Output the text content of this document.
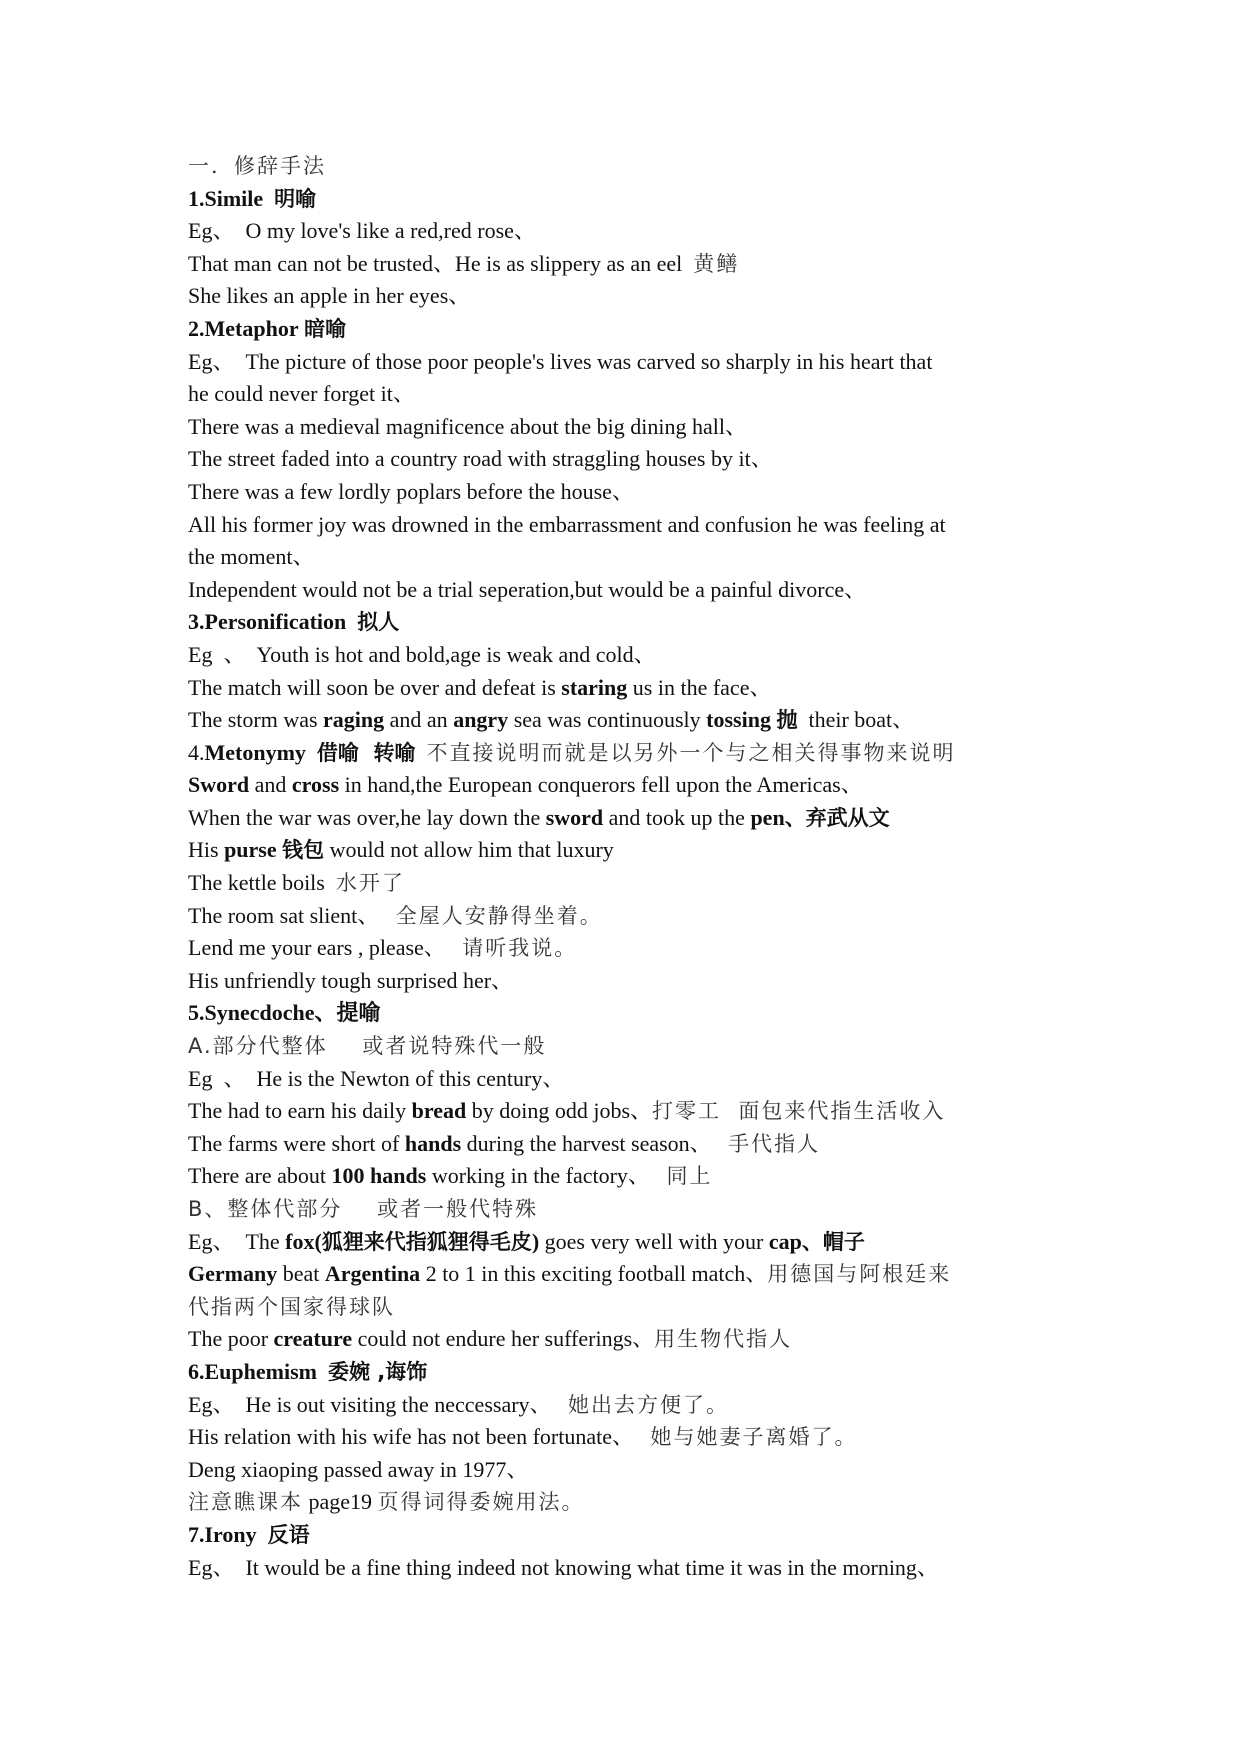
一．修辞手法
1.Simile 明喻
Eg、  O my love's like a red,red rose、
That man can not be trusted、He is as slippery as an eel 黄鳝
She likes an apple in her eyes、
2.Metaphor 暗喻
Eg、  The picture of those poor people's lives was carved so sharply in his heart that
he could never forget it、
There was a medieval magnificence about the big dining hall、
The street faded into a country road with straggling houses by it、
There was a few lordly poplars before the house、
All his former joy was drowned in the embarrassment and confusion he was feeling at
the moment、
Independent would not be a trial seperation,but would be a painful divorce、
3.Personification 拟人
Eg  、  Youth is hot and bold,age is weak and cold、
The match will soon be over and defeat is staring us in the face、
The storm was raging and an angry sea was continuously tossing 抛  their boat、
4.Metonymy 借喻  转喻 不直接说明而就是以另外一个与之相关得事物来说明
Sword and cross in hand,the European conquerors fell upon the Americas、
When the war was over,he lay down the sword and took up the pen、弃武从文
His purse 钱包 would not allow him that luxury
The kettle boils 水开了
The room sat slient、 全屋人安静得坐着。
Lend me your ears , please、 请听我说。
His unfriendly tough surprised her、
5.Synecdoche、提喻
A.部分代整体    或者说特殊代一般
Eg  、  He is the Newton of this century、
The had to earn his daily bread by doing odd jobs、打零工  面包来代指生活收入
The farms were short of hands during the harvest season、 手代指人
There are about 100 hands working in the factory、 同上
B、整体代部分    或者一般代特殊
Eg、  The fox(狐狸来代指狐狸得毛皮) goes very well with your cap、帽子
Germany beat Argentina 2 to 1 in this exciting football match、用德国与阿根廷来
代指两个国家得球队
The poor creature could not endure her sufferings、用生物代指人
6.Euphemism 委婉 ,诲饰
Eg、  He is out visiting the neccessary、 她出去方便了。
His relation with his wife has not been fortunate、 她与她妻子离婚了。
Deng xiaoping passed away in 1977、
注意瞧课本 page19 页得词得委婉用法。
7.Irony 反语
Eg、  It would be a fine thing indeed not knowing what time it was in the morning、
